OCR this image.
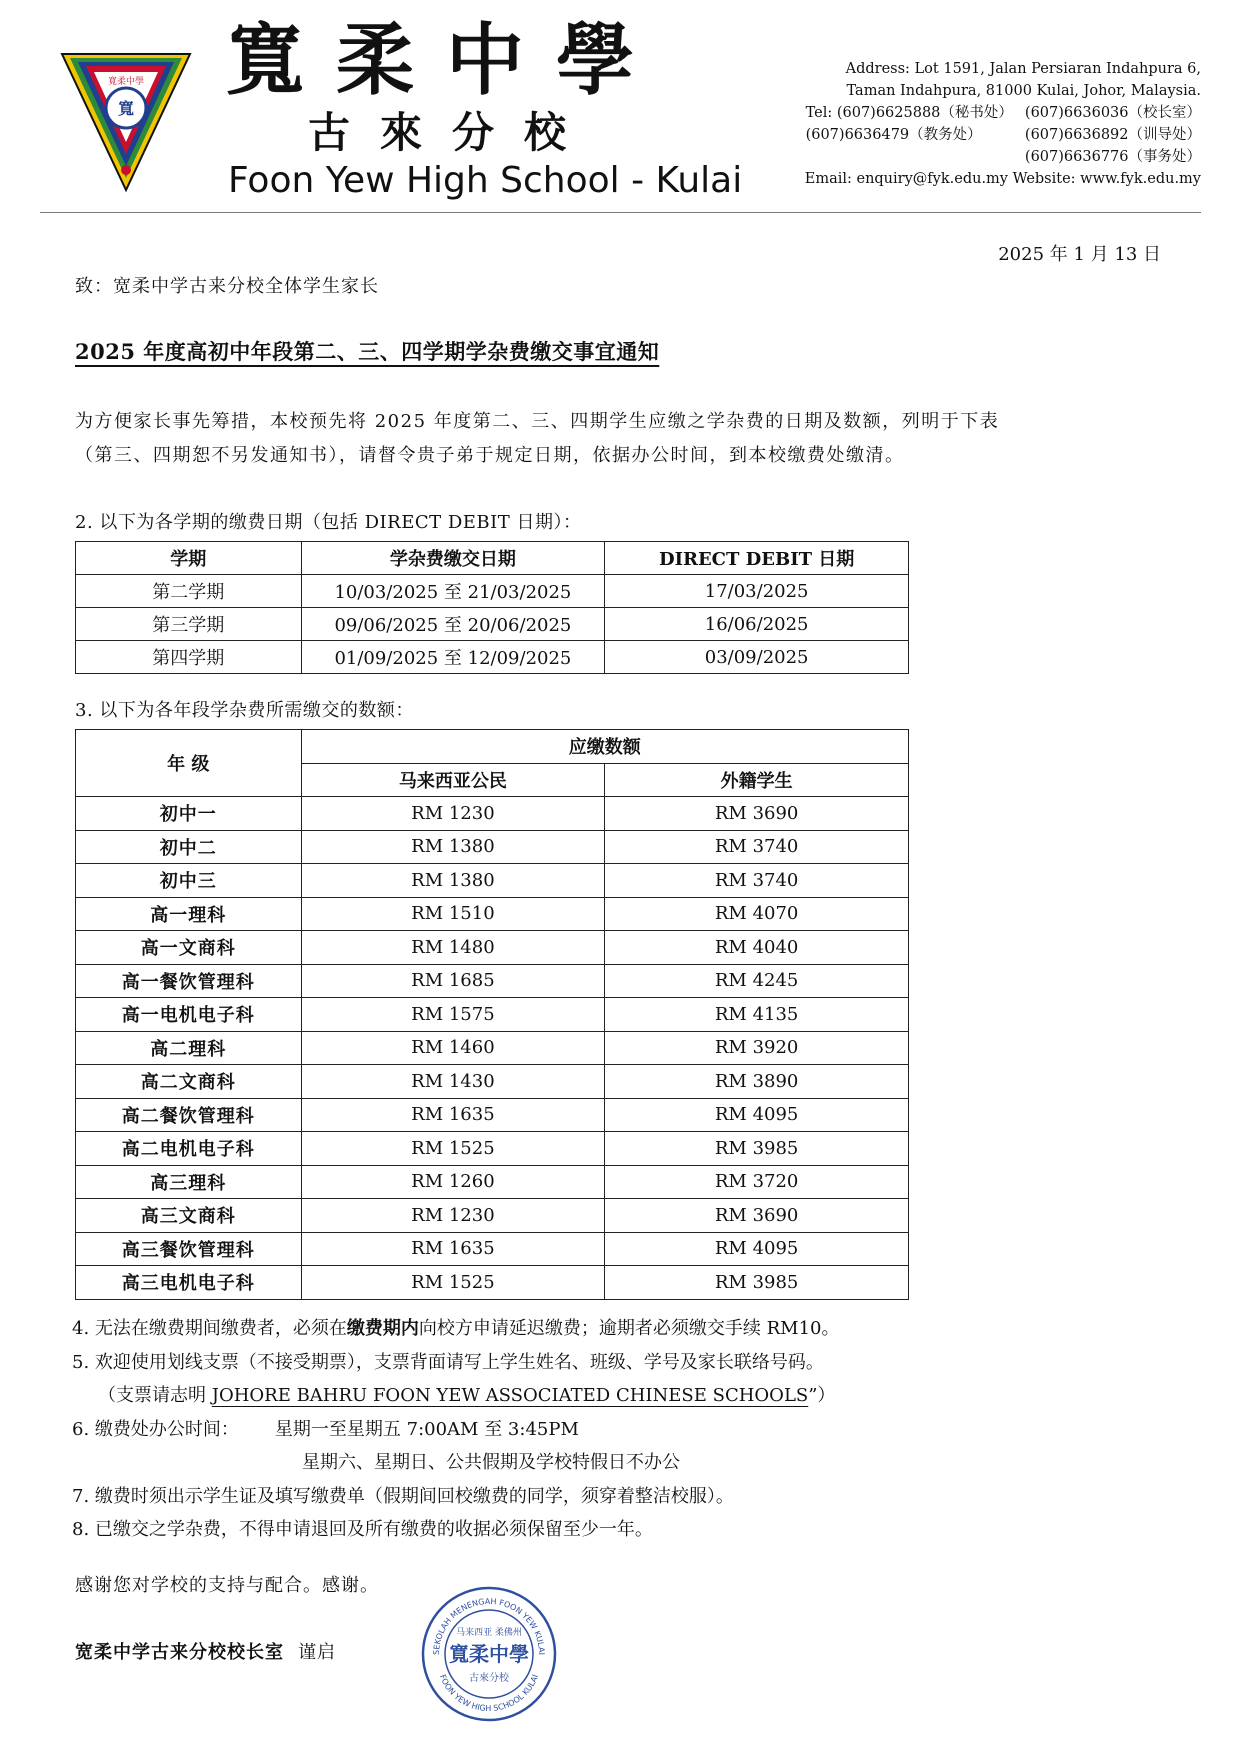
寬
寬柔中學 寬柔中學
古來分校
Foon Yew High School - Kulai
Address: Lot 1591, Jalan Persiaran Indahpura 6,
Taman Indahpura, 81000 Kulai, Johor, Malaysia.
Tel: (607)6625888（秘书处） (607)6636036（校长室）
(607)6636479（教务处）	(607)6636892（训导处）
(607)6636776（事务处）
Email: enquiry@fyk.edu.my Website: www.fyk.edu.my
2025 年 1 月 13 日
致：宽柔中学古来分校全体学生家长
2025 年度高初中年段第二、三、四学期学杂费缴交事宜通知
为方便家长事先筹措，本校预先将 2025 年度第二、三、四期学生应缴之学杂费的日期及数额，列明于下表
（第三、四期恕不另发通知书），请督令贵子弟于规定日期，依据办公时间，到本校缴费处缴清。
2. 以下为各学期的缴费日期（包括 DIRECT DEBIT 日期）：
学期	学杂费缴交日期	DIRECT DEBIT 日期
第二学期	10/03/2025 至 21/03/2025	17/03/2025
第三学期	09/06/2025 至 20/06/2025	16/06/2025
第四学期	01/09/2025 至 12/09/2025	03/09/2025
3. 以下为各年段学杂费所需缴交的数额：
年 级	应缴数额	
	马来西亚公民	外籍学生
初中一	RM 1230	RM 3690
初中二	RM 1380	RM 3740
初中三	RM 1380	RM 3740
高一理科	RM 1510	RM 4070
高一文商科	RM 1480	RM 4040
高一餐饮管理科	RM 1685	RM 4245
高一电机电子科	RM 1575	RM 4135
高二理科	RM 1460	RM 3920
高二文商科	RM 1430	RM 3890
高二餐饮管理科	RM 1635	RM 4095
高二电机电子科	RM 1525	RM 3985
高三理科	RM 1260	RM 3720
高三文商科	RM 1230	RM 3690
高三餐饮管理科	RM 1635	RM 4095
高三电机电子科	RM 1525	RM 3985
4. 无法在缴费期间缴费者，必须在缴费期内向校方申请延迟缴费；逾期者必须缴交手续 RM10。
5. 欢迎使用划线支票（不接受期票），支票背面请写上学生姓名、班级、学号及家长联络号码。
（支票请志明 JOHORE BAHRU FOON YEW ASSOCIATED CHINESE SCHOOLS”）
6. 缴费处办公时间： 星期一至星期五 7:00AM 至 3:45PM
星期六、星期日、公共假期及学校特假日不办公
7. 缴费时须出示学生证及填写缴费单（假期间回校缴费的同学，须穿着整洁校服）。
8. 已缴交之学杂费，不得申请退回及所有缴费的收据必须保留至少一年。
感谢您对学校的支持与配合。感谢。
宽柔中学古来分校校长室 谨启	SEKOLAH MENENGAH FOON YEW KULAI
FOON YEW HIGH SCHOOL KULAI
马来西亚 柔佛州
寬柔中學
古來分校
